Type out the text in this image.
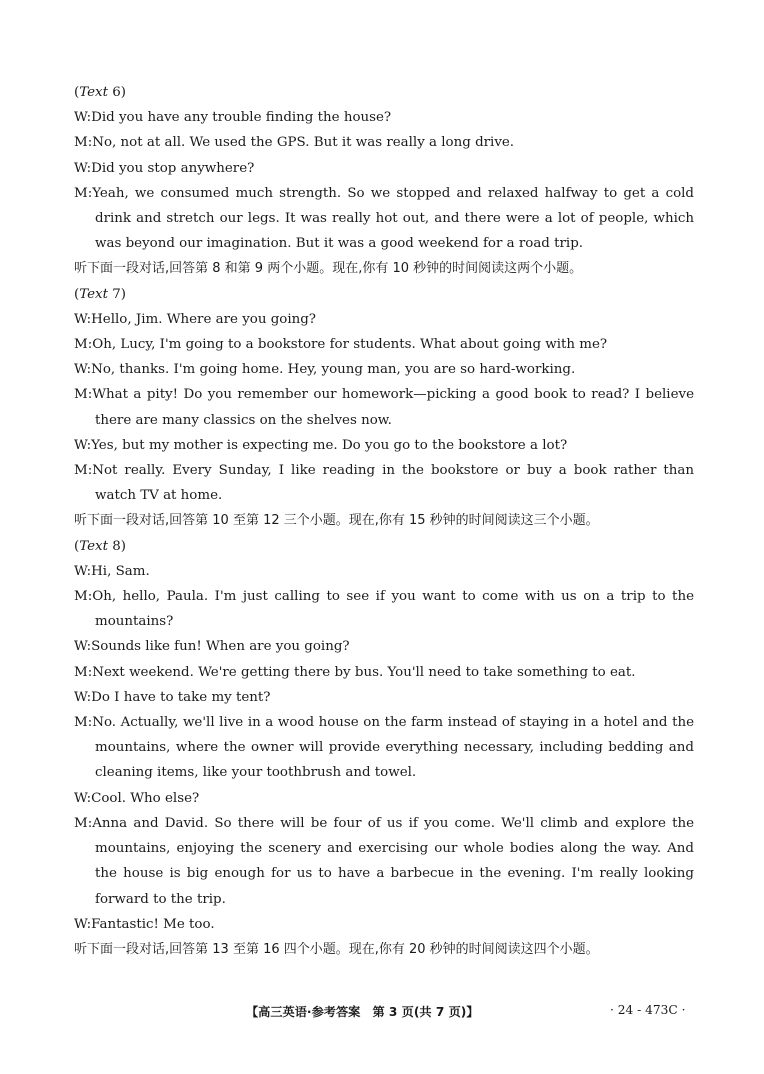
(Text 6)
W:Did you have any trouble finding the house?
M:No, not at all. We used the GPS. But it was really a long drive.
W:Did you stop anywhere?
M:Yeah, we consumed much strength. So we stopped and relaxed halfway to get a cold drink and stretch our legs. It was really hot out, and there were a lot of people, which was beyond our imagination. But it was a good weekend for a road trip.
听下面一段对话,回答第 8 和第 9 两个小题。现在,你有 10 秒钟的时间阅读这两个小题。
(Text 7)
W:Hello, Jim. Where are you going?
M:Oh, Lucy, I'm going to a bookstore for students. What about going with me?
W:No, thanks. I'm going home. Hey, young man, you are so hard-working.
M:What a pity! Do you remember our homework—picking a good book to read? I believe there are many classics on the shelves now.
W:Yes, but my mother is expecting me. Do you go to the bookstore a lot?
M:Not really. Every Sunday, I like reading in the bookstore or buy a book rather than watch TV at home.
听下面一段对话,回答第 10 至第 12 三个小题。现在,你有 15 秒钟的时间阅读这三个小题。
(Text 8)
W:Hi, Sam.
M:Oh, hello, Paula. I'm just calling to see if you want to come with us on a trip to the mountains?
W:Sounds like fun! When are you going?
M:Next weekend. We're getting there by bus. You'll need to take something to eat.
W:Do I have to take my tent?
M:No. Actually, we'll live in a wood house on the farm instead of staying in a hotel and the mountains, where the owner will provide everything necessary, including bedding and cleaning items, like your toothbrush and towel.
W:Cool. Who else?
M:Anna and David. So there will be four of us if you come. We'll climb and explore the mountains, enjoying the scenery and exercising our whole bodies along the way. And the house is big enough for us to have a barbecue in the evening. I'm really looking forward to the trip.
W:Fantastic! Me too.
听下面一段对话,回答第 13 至第 16 四个小题。现在,你有 20 秒钟的时间阅读这四个小题。
【高三英语·参考答案　第 3 页(共 7 页)】	· 24 - 473C ·
